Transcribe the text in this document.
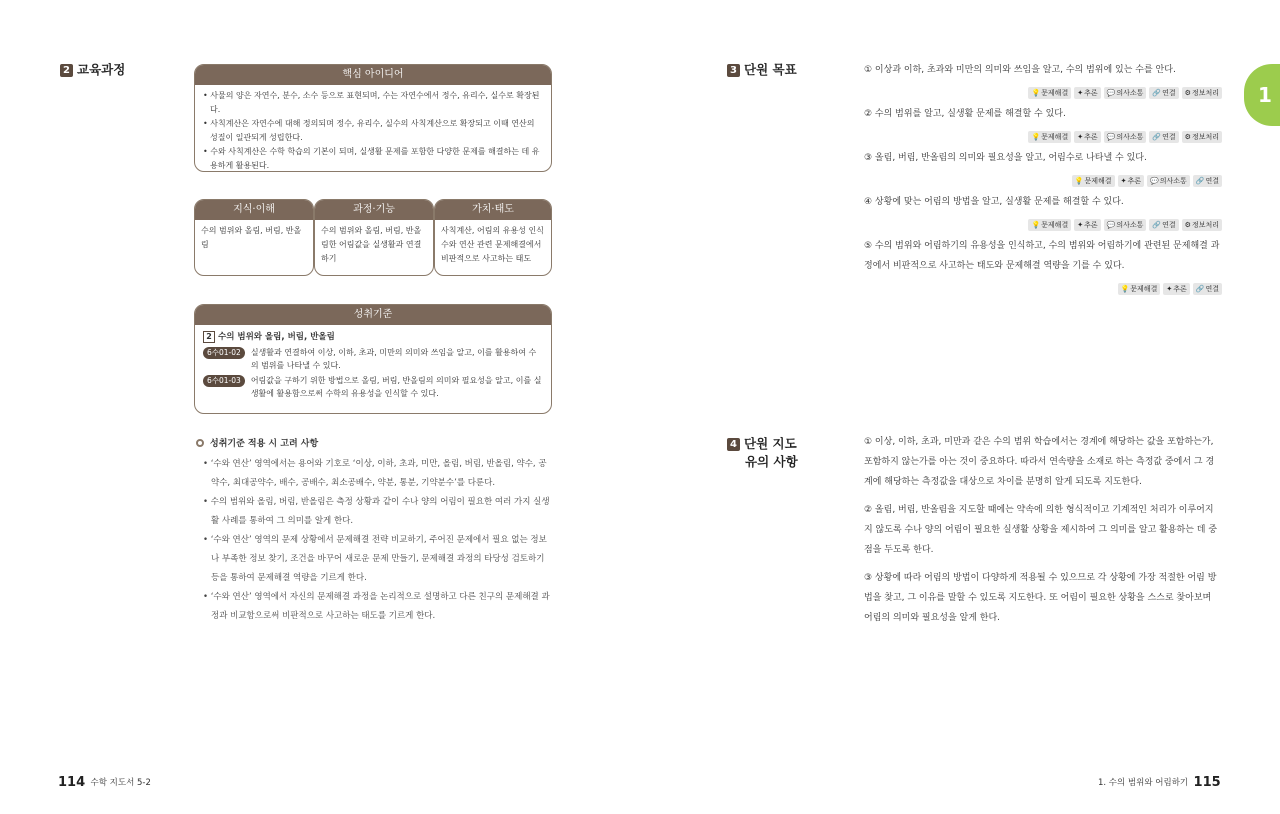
2 교육과정	핵심 아이디어
• 사물의 양은 자연수, 분수, 소수 등으로 표현되며, 수는 자연수에서 정수, 유리수, 실수로 확장된다.
• 사칙계산은 자연수에 대해 정의되며 정수, 유리수, 실수의 사칙계산으로 확장되고 이때 연산의 성질이 일관되게 성립한다.
• 수와 사칙계산은 수학 학습의 기본이 되며, 실생활 문제를 포함한 다양한 문제를 해결하는 데 유용하게 활용된다.
지식·이해
수의 범위와 올림, 버림, 반올림
과정·기능
수의 범위와 올림, 버림, 반올림한 어림값을 실생활과 연결하기
가치·태도
사칙계산, 어림의 유용성 인식
수와 연산 관련 문제해결에서 비판적으로 사고하는 태도
성취기준
2 수의 범위와 올림, 버림, 반올림
6수01-02	실생활과 연결하여 이상, 이하, 초과, 미만의 의미와 쓰임을 알고, 이를 활용하여 수의 범위를 나타낼 수 있다.
6수01-03	어림값을 구하기 위한 방법으로 올림, 버림, 반올림의 의미와 필요성을 알고, 이를 실생활에 활용함으로써 수학의 유용성을 인식할 수 있다.
성취기준 적용 시 고려 사항
• ‘수와 연산’ 영역에서는 용어와 기호로 ‘이상, 이하, 초과, 미만, 올림, 버림, 반올림, 약수, 공약수, 최대공약수, 배수, 공배수, 최소공배수, 약분, 통분, 기약분수’를 다룬다.
• 수의 범위와 올림, 버림, 반올림은 측정 상황과 같이 수나 양의 어림이 필요한 여러 가지 실생활 사례를 통하여 그 의미를 알게 한다.
• ‘수와 연산’ 영역의 문제 상황에서 문제해결 전략 비교하기, 주어진 문제에서 필요 없는 정보나 부족한 정보 찾기, 조건을 바꾸어 새로운 문제 만들기, 문제해결 과정의 타당성 검토하기 등을 통하여 문제해결 역량을 기르게 한다.
• ‘수와 연산’ 영역에서 자신의 문제해결 과정을 논리적으로 설명하고 다른 친구의 문제해결 과정과 비교함으로써 비판적으로 사고하는 태도를 기르게 한다.
114 수학 지도서 5-2
3 단원 목표	① 이상과 이하, 초과와 미만의 의미와 쓰임을 알고, 수의 범위에 있는 수를 안다.
💡문제해결 ✦추론 💬의사소통 🔗연결 ⚙정보처리
② 수의 범위를 알고, 실생활 문제를 해결할 수 있다.
💡문제해결 ✦추론 💬의사소통 🔗연결 ⚙정보처리
③ 올림, 버림, 반올림의 의미와 필요성을 알고, 어림수로 나타낼 수 있다.
💡문제해결 ✦추론 💬의사소통 🔗연결
④ 상황에 맞는 어림의 방법을 알고, 실생활 문제를 해결할 수 있다.
💡문제해결 ✦추론 💬의사소통 🔗연결 ⚙정보처리
⑤ 수의 범위와 어림하기의 유용성을 인식하고, 수의 범위와 어림하기에 관련된 문제해결 과정에서 비판적으로 사고하는 태도와 문제해결 역량을 기를 수 있다.
💡문제해결 ✦추론 🔗연결
4 단원 지도
유의 사항

① 이상, 이하, 초과, 미만과 같은 수의 범위 학습에서는 경계에 해당하는 값을 포함하는가, 포함하지 않는가를 아는 것이 중요하다. 따라서 연속량을 소재로 하는 측정값 중에서 그 경계에 해당하는 측정값을 대상으로 차이를 분명히 알게 되도록 지도한다.

② 올림, 버림, 반올림을 지도할 때에는 약속에 의한 형식적이고 기계적인 처리가 이루어지지 않도록 수나 양의 어림이 필요한 실생활 상황을 제시하여 그 의미를 알고 활용하는 데 중점을 두도록 한다.

③ 상황에 따라 어림의 방법이 다양하게 적용될 수 있으므로 각 상황에 가장 적절한 어림 방법을 찾고, 그 이유를 말할 수 있도록 지도한다. 또 어림이 필요한 상황을 스스로 찾아보며 어림의 의미와 필요성을 알게 한다.

1
1. 수의 범위와 어림하기 115
